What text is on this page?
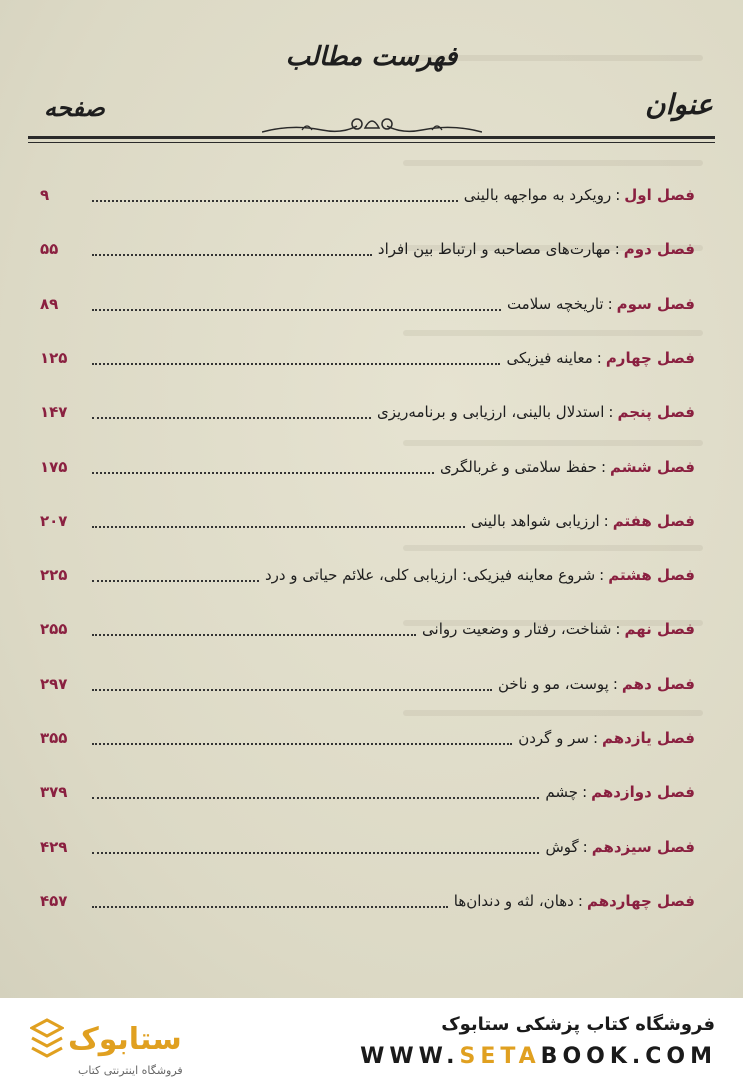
فهرست مطالب
عنوان
صفحه
فصل اول
:
رویکرد به مواجهه بالینی
۹
فصل دوم
:
مهارت‌های مصاحبه و ارتباط بین افراد
۵۵
فصل سوم
:
تاریخچه سلامت
۸۹
فصل چهارم
:
معاینه فیزیکی
۱۲۵
فصل پنجم
:
استدلال بالینی، ارزیابی و برنامه‌ریزی
۱۴۷
فصل ششم
:
حفظ سلامتی و غربالگری
۱۷۵
فصل هفتم
:
ارزیابی شواهد بالینی
۲۰۷
فصل هشتم
:
شروع معاینه فیزیکی: ارزیابی کلی، علائم حیاتی و درد
۲۲۵
فصل نهم
:
شناخت، رفتار و وضعیت روانی
۲۵۵
فصل دهم
:
پوست، مو و ناخن
۲۹۷
فصل یازدهم
:
سر و گردن
۳۵۵
فصل دوازدهم
:
چشم
۳۷۹
فصل سیزدهم
:
گوش
۴۲۹
فصل چهاردهم
:
دهان، لثه و دندان‌ها
۴۵۷
ستابوک
فروشگاه اینترنتی کتاب
فروشگاه کتاب پزشکی ستابوک
WWW.SETABOOK.COM
